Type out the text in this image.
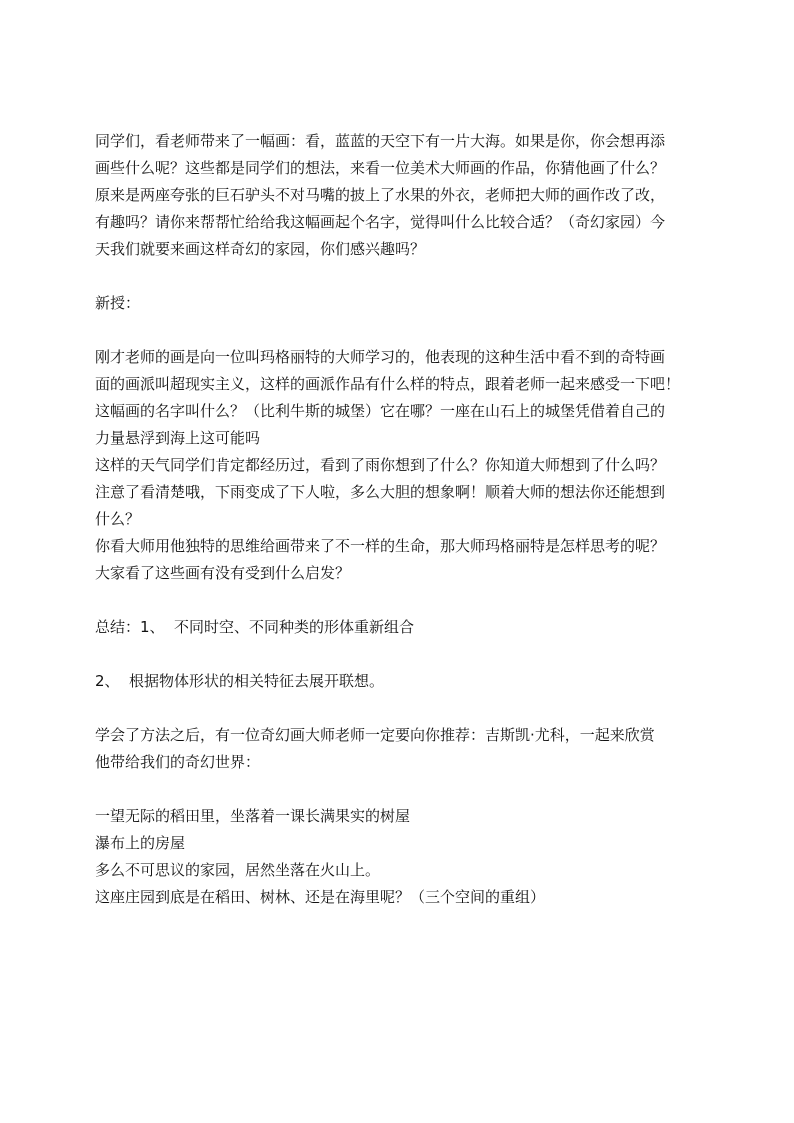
同学们，看老师带来了一幅画：看，蓝蓝的天空下有一片大海。如果是你，你会想再添
画些什么呢？这些都是同学们的想法，来看一位美术大师画的作品，你猜他画了什么？
原来是两座夸张的巨石驴头不对马嘴的披上了水果的外衣，老师把大师的画作改了改，
有趣吗？请你来帮帮忙给给我这幅画起个名字，觉得叫什么比较合适？（奇幻家园）今
天我们就要来画这样奇幻的家园，你们感兴趣吗？
新授：
刚才老师的画是向一位叫玛格丽特的大师学习的，他表现的这种生活中看不到的奇特画
面的画派叫超现实主义，这样的画派作品有什么样的特点，跟着老师一起来感受一下吧！
这幅画的名字叫什么？（比利牛斯的城堡）它在哪？一座在山石上的城堡凭借着自己的
力量悬浮到海上这可能吗
这样的天气同学们肯定都经历过，看到了雨你想到了什么？你知道大师想到了什么吗？
注意了看清楚哦，下雨变成了下人啦，多么大胆的想象啊！顺着大师的想法你还能想到
什么？
你看大师用他独特的思维给画带来了不一样的生命，那大师玛格丽特是怎样思考的呢？
大家看了这些画有没有受到什么启发？
总结：1、 不同时空、不同种类的形体重新组合
2、 根据物体形状的相关特征去展开联想。
学会了方法之后，有一位奇幻画大师老师一定要向你推荐：吉斯凯·尤科，一起来欣赏
他带给我们的奇幻世界：
一望无际的稻田里，坐落着一课长满果实的树屋
瀑布上的房屋
多么不可思议的家园，居然坐落在火山上。
这座庄园到底是在稻田、树林、还是在海里呢？（三个空间的重组）
